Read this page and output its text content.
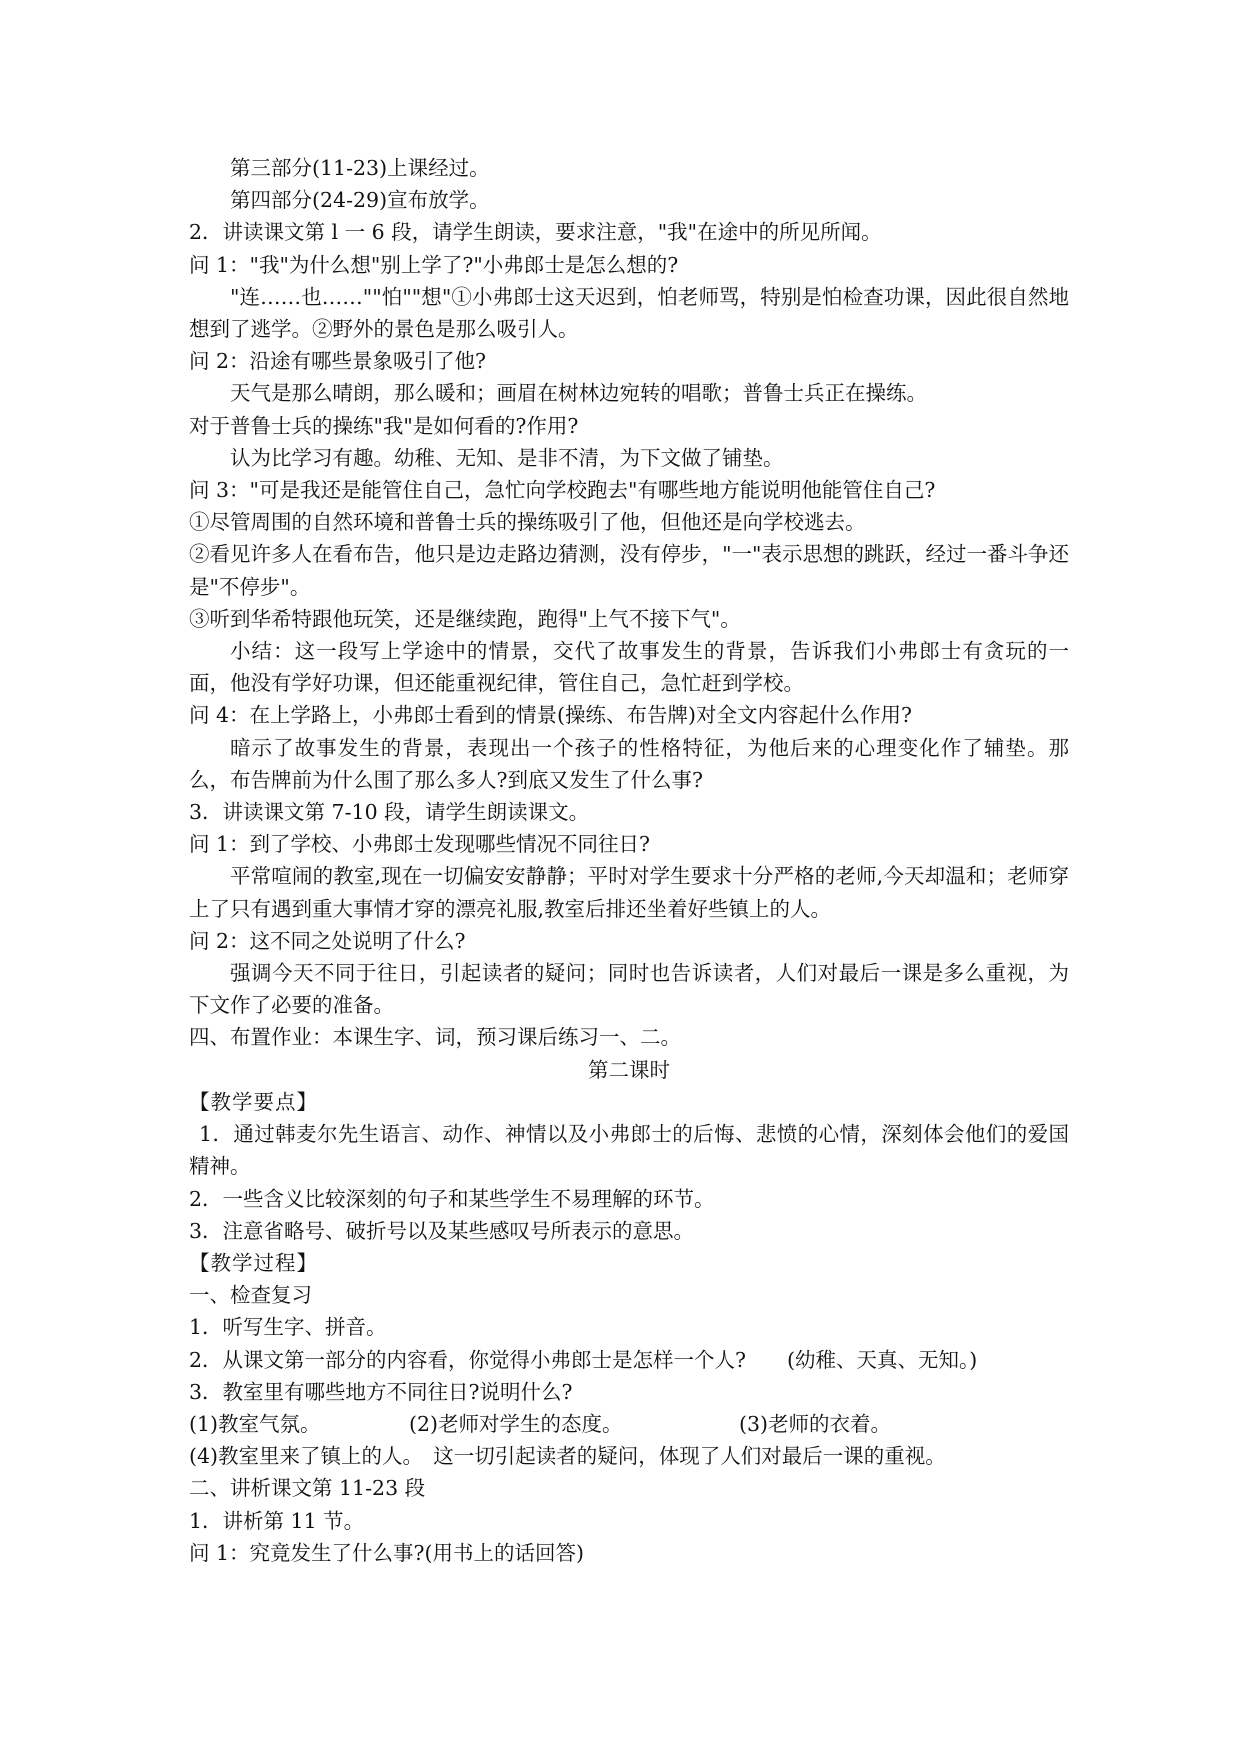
第三部分(11-23)上课经过。

第四部分(24-29)宣布放学。

2．讲读课文第 l 一 6 段，请学生朗读，要求注意，"我"在途中的所见所闻。

问 1："我"为什么想"别上学了?"小弗郎士是怎么想的?

"连……也……""怕""想"①小弗郎士这天迟到，怕老师骂，特别是怕检查功课，因此很自然地想到了逃学。②野外的景色是那么吸引人。

问 2：沿途有哪些景象吸引了他?

天气是那么晴朗，那么暖和；画眉在树林边宛转的唱歌；普鲁士兵正在操练。

对于普鲁士兵的操练"我"是如何看的?作用?

认为比学习有趣。幼稚、无知、是非不清，为下文做了铺垫。

问 3："可是我还是能管住自己，急忙向学校跑去"有哪些地方能说明他能管住自己?

①尽管周围的自然环境和普鲁士兵的操练吸引了他，但他还是向学校逃去。

②看见许多人在看布告，他只是边走路边猜测，没有停步，"一"表示思想的跳跃，经过一番斗争还是"不停步"。

③听到华希特跟他玩笑，还是继续跑，跑得"上气不接下气"。

小结：这一段写上学途中的情景，交代了故事发生的背景，告诉我们小弗郎士有贪玩的一面，他没有学好功课，但还能重视纪律，管住自己，急忙赶到学校。

问 4：在上学路上，小弗郎士看到的情景(操练、布告牌)对全文内容起什么作用?

暗示了故事发生的背景，表现出一个孩子的性格特征，为他后来的心理变化作了辅垫。那么，布告牌前为什么围了那么多人?到底又发生了什么事?

3．讲读课文第 7-10 段，请学生朗读课文。

问 1：到了学校、小弗郎士发现哪些情况不同往日?

平常喧闹的教室,现在一切偏安安静静；平时对学生要求十分严格的老师,今天却温和；老师穿上了只有遇到重大事情才穿的漂亮礼服,教室后排还坐着好些镇上的人。

问 2：这不同之处说明了什么?

强调今天不同于往日，引起读者的疑问；同时也告诉读者，人们对最后一课是多么重视，为下文作了必要的准备。

四、布置作业：本课生字、词，预习课后练习一、二。

第二课时

【教学要点】

1．通过韩麦尔先生语言、动作、神情以及小弗郎士的后悔、悲愤的心情，深刻体会他们的爱国精神。

2．一些含义比较深刻的句子和某些学生不易理解的环节。

3．注意省略号、破折号以及某些感叹号所表示的意思。

【教学过程】

一、检查复习

1．听写生字、拼音。

2．从课文第一部分的内容看，你觉得小弗郎士是怎样一个人?　　(幼稚、天真、无知。)

3．教室里有哪些地方不同往日?说明什么?

(1)教室气氛。	(2)老师对学生的态度。	(3)老师的衣着。

(4)教室里来了镇上的人。　这一切引起读者的疑问，体现了人们对最后一课的重视。

二、讲析课文第 11-23 段

1．讲析第 11 节。

问 1：究竟发生了什么事?(用书上的话回答)
